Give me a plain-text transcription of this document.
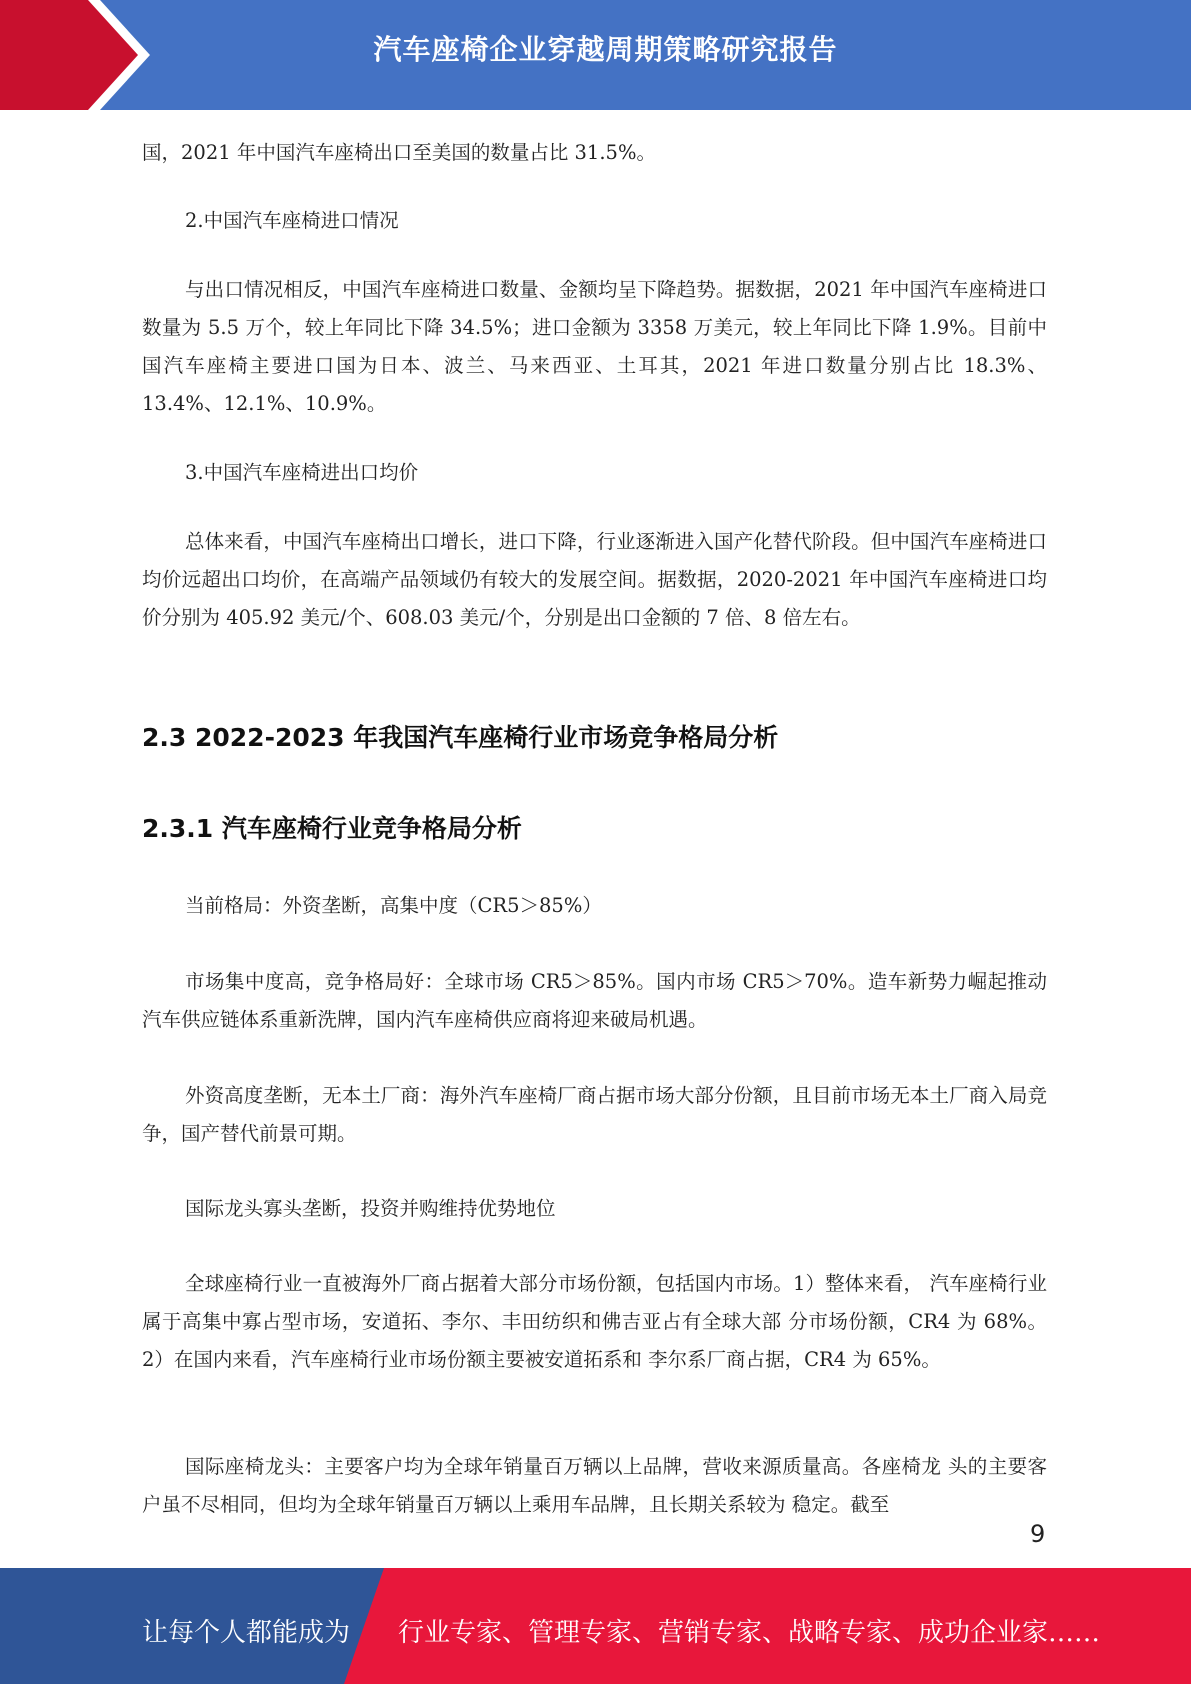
汽车座椅企业穿越周期策略研究报告

国，2021 年中国汽车座椅出口至美国的数量占比 31.5%。

2.中国汽车座椅进口情况

与出口情况相反，中国汽车座椅进口数量、金额均呈下降趋势。据数据，2021 年中国汽车座椅进口数量为 5.5 万个，较上年同比下降 34.5%；进口金额为 3358 万美元，较上年同比下降 1.9%。目前中国汽车座椅主要进口国为日本、波兰、马来西亚、土耳其，2021 年进口数量分别占比 18.3%、13.4%、12.1%、10.9%。

3.中国汽车座椅进出口均价

总体来看，中国汽车座椅出口增长，进口下降，行业逐渐进入国产化替代阶段。但中国汽车座椅进口均价远超出口均价，在高端产品领域仍有较大的发展空间。据数据，2020-2021 年中国汽车座椅进口均价分别为 405.92 美元/个、608.03 美元/个，分别是出口金额的 7 倍、8 倍左右。

2.3 2022-2023 年我国汽车座椅行业市场竞争格局分析
2.3.1 汽车座椅行业竞争格局分析

当前格局：外资垄断，高集中度（CR5＞85%）

市场集中度高，竞争格局好：全球市场 CR5＞85%。国内市场 CR5＞70%。造车新势力崛起推动汽车供应链体系重新洗牌，国内汽车座椅供应商将迎来破局机遇。

外资高度垄断，无本土厂商：海外汽车座椅厂商占据市场大部分份额，且目前市场无本土厂商入局竞争，国产替代前景可期。

国际龙头寡头垄断，投资并购维持优势地位

全球座椅行业一直被海外厂商占据着大部分市场份额，包括国内市场。1）整体来看， 汽车座椅行业属于高集中寡占型市场，安道拓、李尔、丰田纺织和佛吉亚占有全球大部 分市场份额，CR4 为 68%。2）在国内来看，汽车座椅行业市场份额主要被安道拓系和 李尔系厂商占据，CR4 为 65%。

国际座椅龙头：主要客户均为全球年销量百万辆以上品牌，营收来源质量高。各座椅龙 头的主要客户虽不尽相同，但均为全球年销量百万辆以上乘用车品牌，且长期关系较为 稳定。截至

9
让每个人都能成为 行业专家、管理专家、营销专家、战略专家、成功企业家……
